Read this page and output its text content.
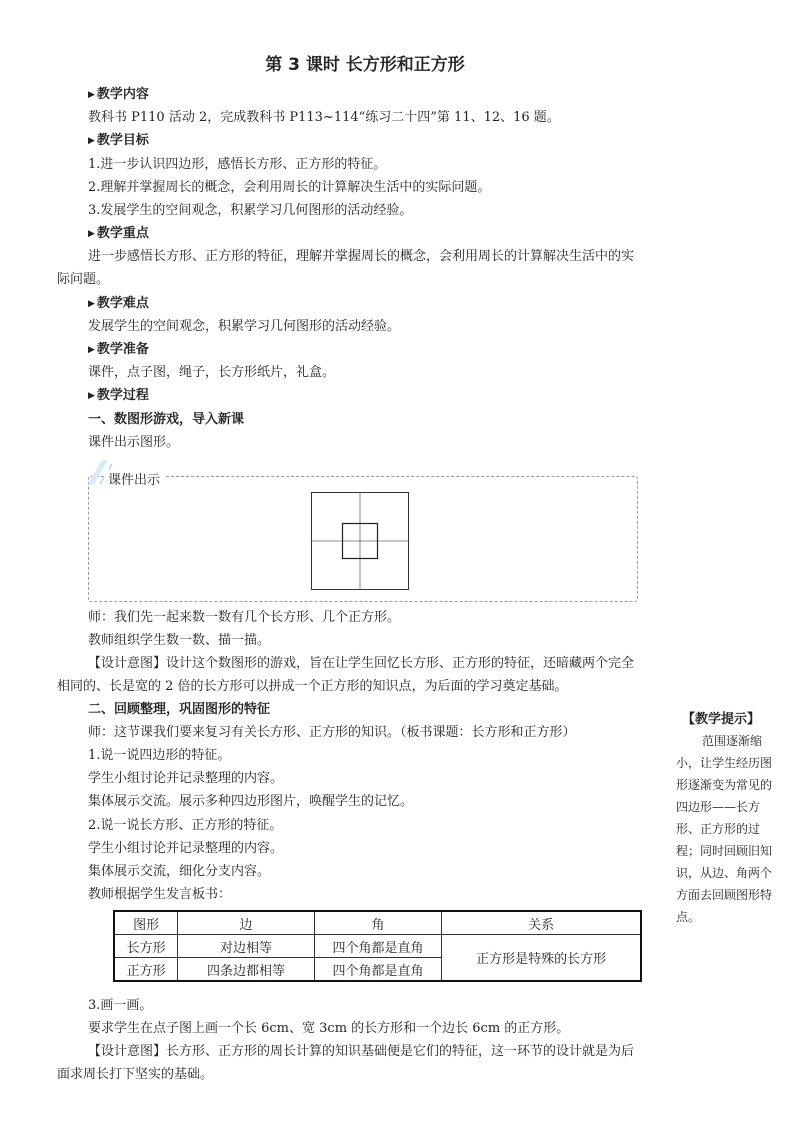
第 3 课时 长方形和正方形
▶ 教学内容
教科书 P110 活动 2，完成教科书 P113~114“练习二十四”第 11、12、16 题。
▶ 教学目标
1.进一步认识四边形，感悟长方形、正方形的特征。
2.理解并掌握周长的概念，会利用周长的计算解决生活中的实际问题。
3.发展学生的空间观念，积累学习几何图形的活动经验。
▶ 教学重点
进一步感悟长方形、正方形的特征，理解并掌握周长的概念，会利用周长的计算解决生活中的实
际问题。
▶ 教学难点
发展学生的空间观念，积累学习几何图形的活动经验。
▶ 教学准备
课件，点子图，绳子，长方形纸片，礼盒。
▶ 教学过程
一、数图形游戏，导入新课
课件出示图形。
课件出示
师：我们先一起来数一数有几个长方形、几个正方形。
教师组织学生数一数、描一描。
【设计意图】设计这个数图形的游戏，旨在让学生回忆长方形、正方形的特征，还暗藏两个完全
相同的、长是宽的 2 倍的长方形可以拼成一个正方形的知识点，为后面的学习奠定基础。
二、回顾整理，巩固图形的特征
师：这节课我们要来复习有关长方形、正方形的知识。（板书课题：长方形和正方形）
1.说一说四边形的特征。
学生小组讨论并记录整理的内容。
集体展示交流。展示多种四边形图片，唤醒学生的记忆。
2.说一说长方形、正方形的特征。
学生小组讨论并记录整理的内容。
集体展示交流，细化分支内容。
教师根据学生发言板书：
图形	边	角	关系
长方形	对边相等	四个角都是直角	正方形是特殊的长方形
正方形	四条边都相等	四个角都是直角	
3.画一画。
要求学生在点子图上画一个长 6cm、宽 3cm 的长方形和一个边长 6cm 的正方形。
【设计意图】长方形、正方形的周长计算的知识基础便是它们的特征，这一环节的设计就是为后
面求周长打下坚实的基础。
【教学提示】
范围逐渐缩小，让学生经历图形逐渐变为常见的四边形——长方形、正方形的过程；同时回顾旧知识，从边、角两个方面去回顾图形特点。
